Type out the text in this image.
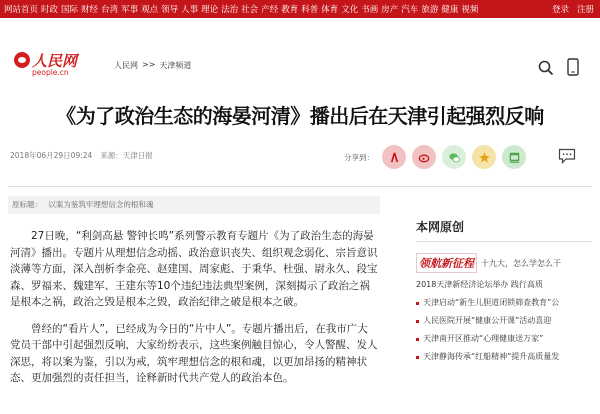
网站首页 时政 国际 财经 台湾 军事 观点 领导 人事 理论 法治 社会 产经 教育 科普 体育 文化 书画 房产 汽车 旅游 健康 视频	登录 注册
人民网
people.cn
人民网 >> 天津频道
《为了政治生态的海晏河清》播出后在天津引起强烈反响
2018年06月29日09:24 来源：天津日报	分享到：
原标题： 以案为鉴筑牢理想信念的根和魂

27日晚，“利剑高悬 警钟长鸣”系列警示教育专题片《为了政治生态的海晏河清》播出。专题片从理想信念动摇、政治意识丧失、组织观念弱化、宗旨意识淡薄等方面，深入剖析李金亮、赵建国、周家彪、于秉华、杜强、尉永久、段宝森、罗福来、魏建军、王建东等10个违纪违法典型案例，深刻揭示了政治之祸是根本之祸，政治之毁是根本之毁，政治纪律之破是根本之破。

曾经的“看片人”，已经成为今日的“片中人”。专题片播出后，在我市广大党员干部中引起强烈反响，大家纷纷表示，这些案例触目惊心，令人警醒、发人深思，将以案为鉴，引以为戒，筑牢理想信念的根和魂，以更加昂扬的精神状态、更加强烈的责任担当，诠释新时代共产党人的政治本色。

本网原创
领航新征程 十九大，怎么学怎么干
2018天津新经济论坛举办 践行高质
天津启动“新生儿胆道闭锁筛查教育”公
人民医院开展“健康公开课”活动喜迎
天津南开区推动“心理健康送万家”
天津静海传承“红船精神”提升高质量发
